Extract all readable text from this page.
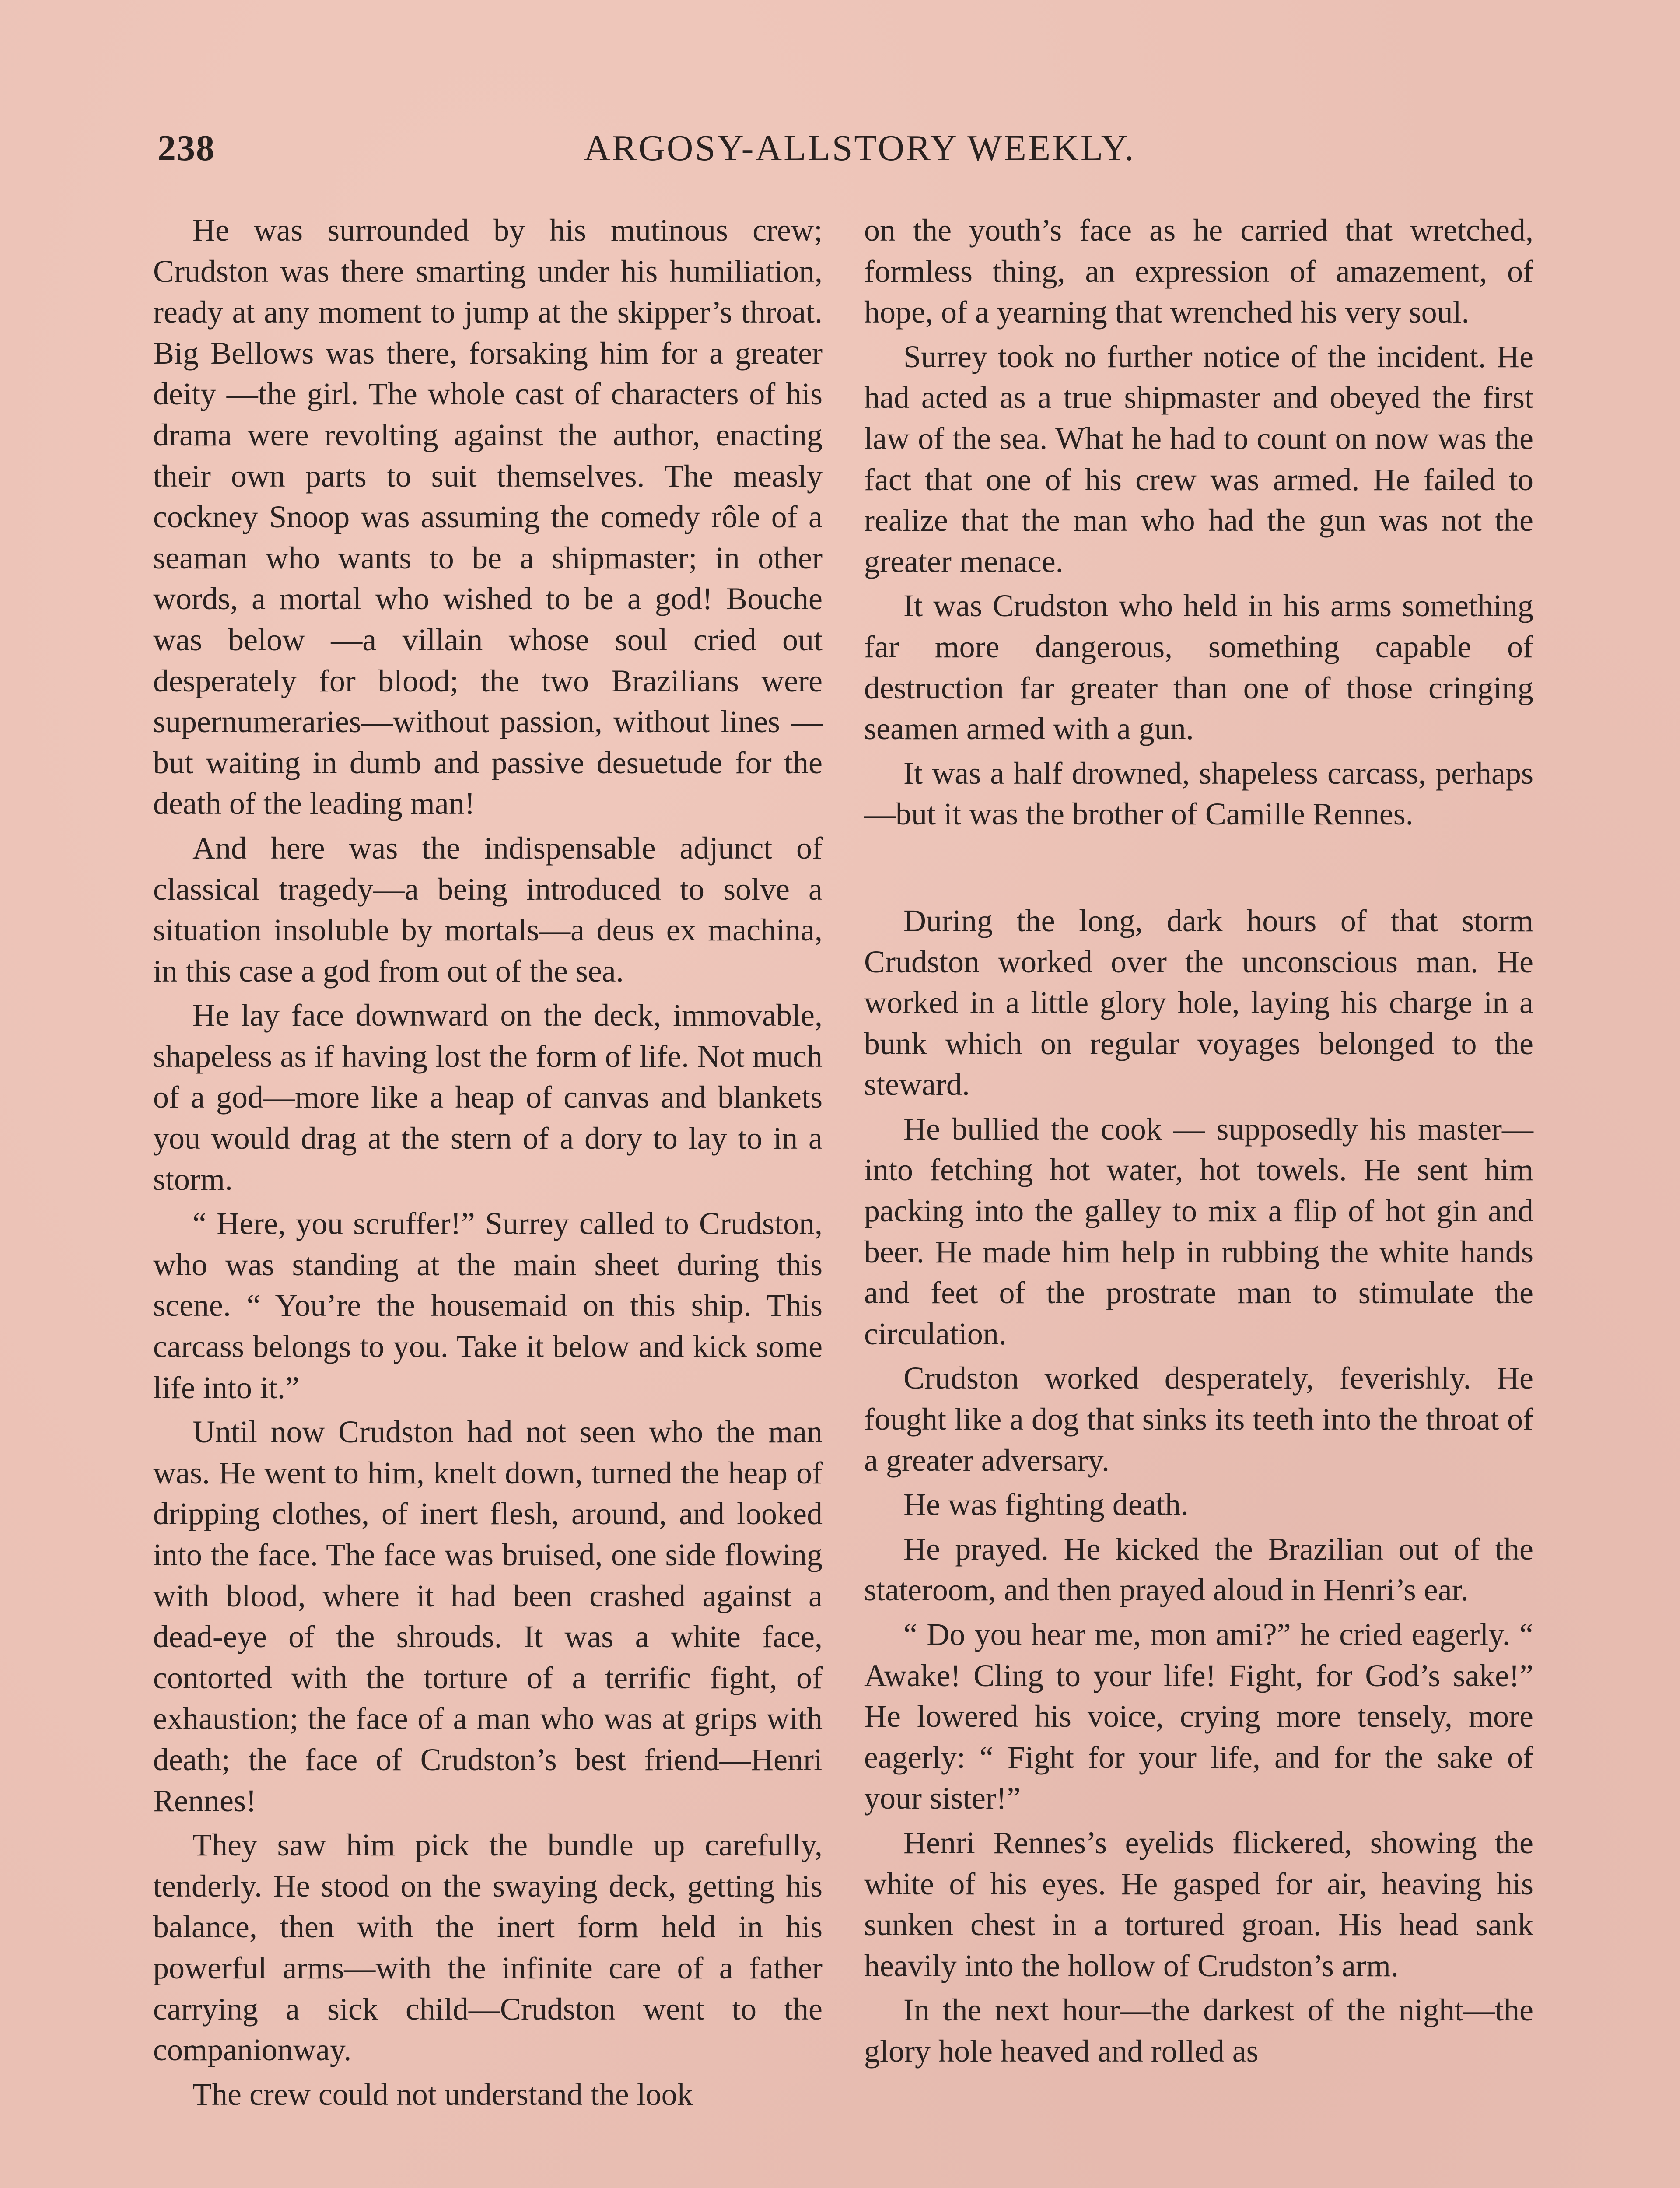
238	ARGOSY-ALLSTORY WEEKLY.

He was surrounded by his mutinous crew; Crudston was there smarting under his humiliation, ready at any moment to jump at the skipper’s throat. Big Bellows was there, forsaking him for a greater deity —the girl. The whole cast of characters of his drama were revolting against the author, enacting their own parts to suit themselves. The measly cockney Snoop was assuming the comedy rôle of a seaman who wants to be a shipmaster; in other words, a mortal who wished to be a god! Bouche was below —a villain whose soul cried out desperately for blood; the two Brazilians were supernumeraries—without passion, without lines —but waiting in dumb and passive desuetude for the death of the leading man!

And here was the indispensable adjunct of classical tragedy—a being introduced to solve a situation insoluble by mortals—a deus ex machina, in this case a god from out of the sea.

He lay face downward on the deck, immovable, shapeless as if having lost the form of life. Not much of a god—more like a heap of canvas and blankets you would drag at the stern of a dory to lay to in a storm.

“ Here, you scruffer!” Surrey called to Crudston, who was standing at the main sheet during this scene. “ You’re the housemaid on this ship. This carcass belongs to you. Take it below and kick some life into it.”

Until now Crudston had not seen who the man was. He went to him, knelt down, turned the heap of dripping clothes, of inert flesh, around, and looked into the face. The face was bruised, one side flowing with blood, where it had been crashed against a dead-eye of the shrouds. It was a white face, contorted with the torture of a terrific fight, of exhaustion; the face of a man who was at grips with death; the face of Crudston’s best friend—Henri Rennes!

They saw him pick the bundle up carefully, tenderly. He stood on the swaying deck, getting his balance, then with the inert form held in his powerful arms—with the infinite care of a father carrying a sick child—Crudston went to the companionway.

The crew could not understand the look

on the youth’s face as he carried that wretched, formless thing, an expression of amazement, of hope, of a yearning that wrenched his very soul.

Surrey took no further notice of the incident. He had acted as a true shipmaster and obeyed the first law of the sea. What he had to count on now was the fact that one of his crew was armed. He failed to realize that the man who had the gun was not the greater menace.

It was Crudston who held in his arms something far more dangerous, something capable of destruction far greater than one of those cringing seamen armed with a gun.

It was a half drowned, shapeless carcass, perhaps—but it was the brother of Camille Rennes.

During the long, dark hours of that storm Crudston worked over the unconscious man. He worked in a little glory hole, laying his charge in a bunk which on regular voyages belonged to the steward.

He bullied the cook — supposedly his master—into fetching hot water, hot towels. He sent him packing into the galley to mix a flip of hot gin and beer. He made him help in rubbing the white hands and feet of the prostrate man to stimulate the circulation.

Crudston worked desperately, feverishly. He fought like a dog that sinks its teeth into the throat of a greater adversary.

He was fighting death.

He prayed. He kicked the Brazilian out of the stateroom, and then prayed aloud in Henri’s ear.

“ Do you hear me, mon ami?” he cried eagerly. “ Awake! Cling to your life! Fight, for God’s sake!” He lowered his voice, crying more tensely, more eagerly: “ Fight for your life, and for the sake of your sister!”

Henri Rennes’s eyelids flickered, showing the white of his eyes. He gasped for air, heaving his sunken chest in a tortured groan. His head sank heavily into the hollow of Crudston’s arm.

In the next hour—the darkest of the night—the glory hole heaved and rolled as
